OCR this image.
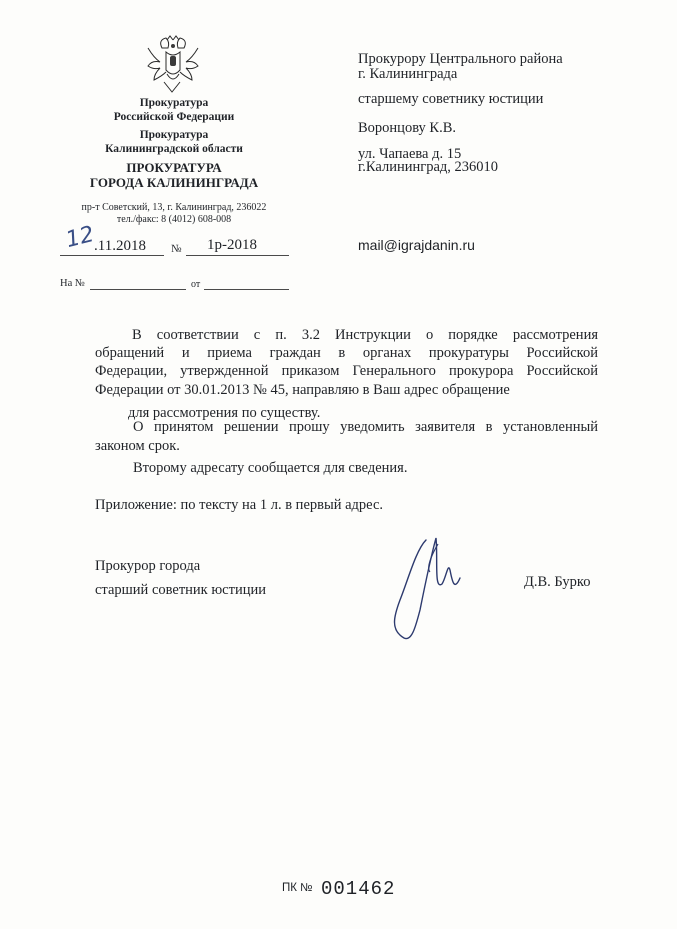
Прокуратура
Российской Федерации
Прокуратура
Калининградской области
ПРОКУРАТУРА
ГОРОДА КАЛИНИНГРАДА
пр-т Советский, 13, г. Калининград, 236022
тел./факс: 8 (4012) 608-008
12
.11.2018 № 1р-2018
На №	от
Прокурору Центрального района
г. Калининграда
старшему советнику юстиции
Воронцову К.В.
ул. Чапаева д. 15
г.Калининград, 236010
mail@igrajdanin.ru
В соответствии с п. 3.2 Инструкции о порядке рассмотрения
обращений и приема граждан в органах прокуратуры Российской
Федерации, утвержденной приказом Генерального прокурора Российской
Федерации от 30.01.2013 № 45, направляю в Ваш адрес обращение
для рассмотрения по существу.
О принятом решении прошу уведомить заявителя в установленный
законом срок.
Второму адресату сообщается для сведения.
Приложение: по тексту на 1 л. в первый адрес.
Прокурор города
старший советник юстиции	Д.В. Бурко
ПК № 001462
